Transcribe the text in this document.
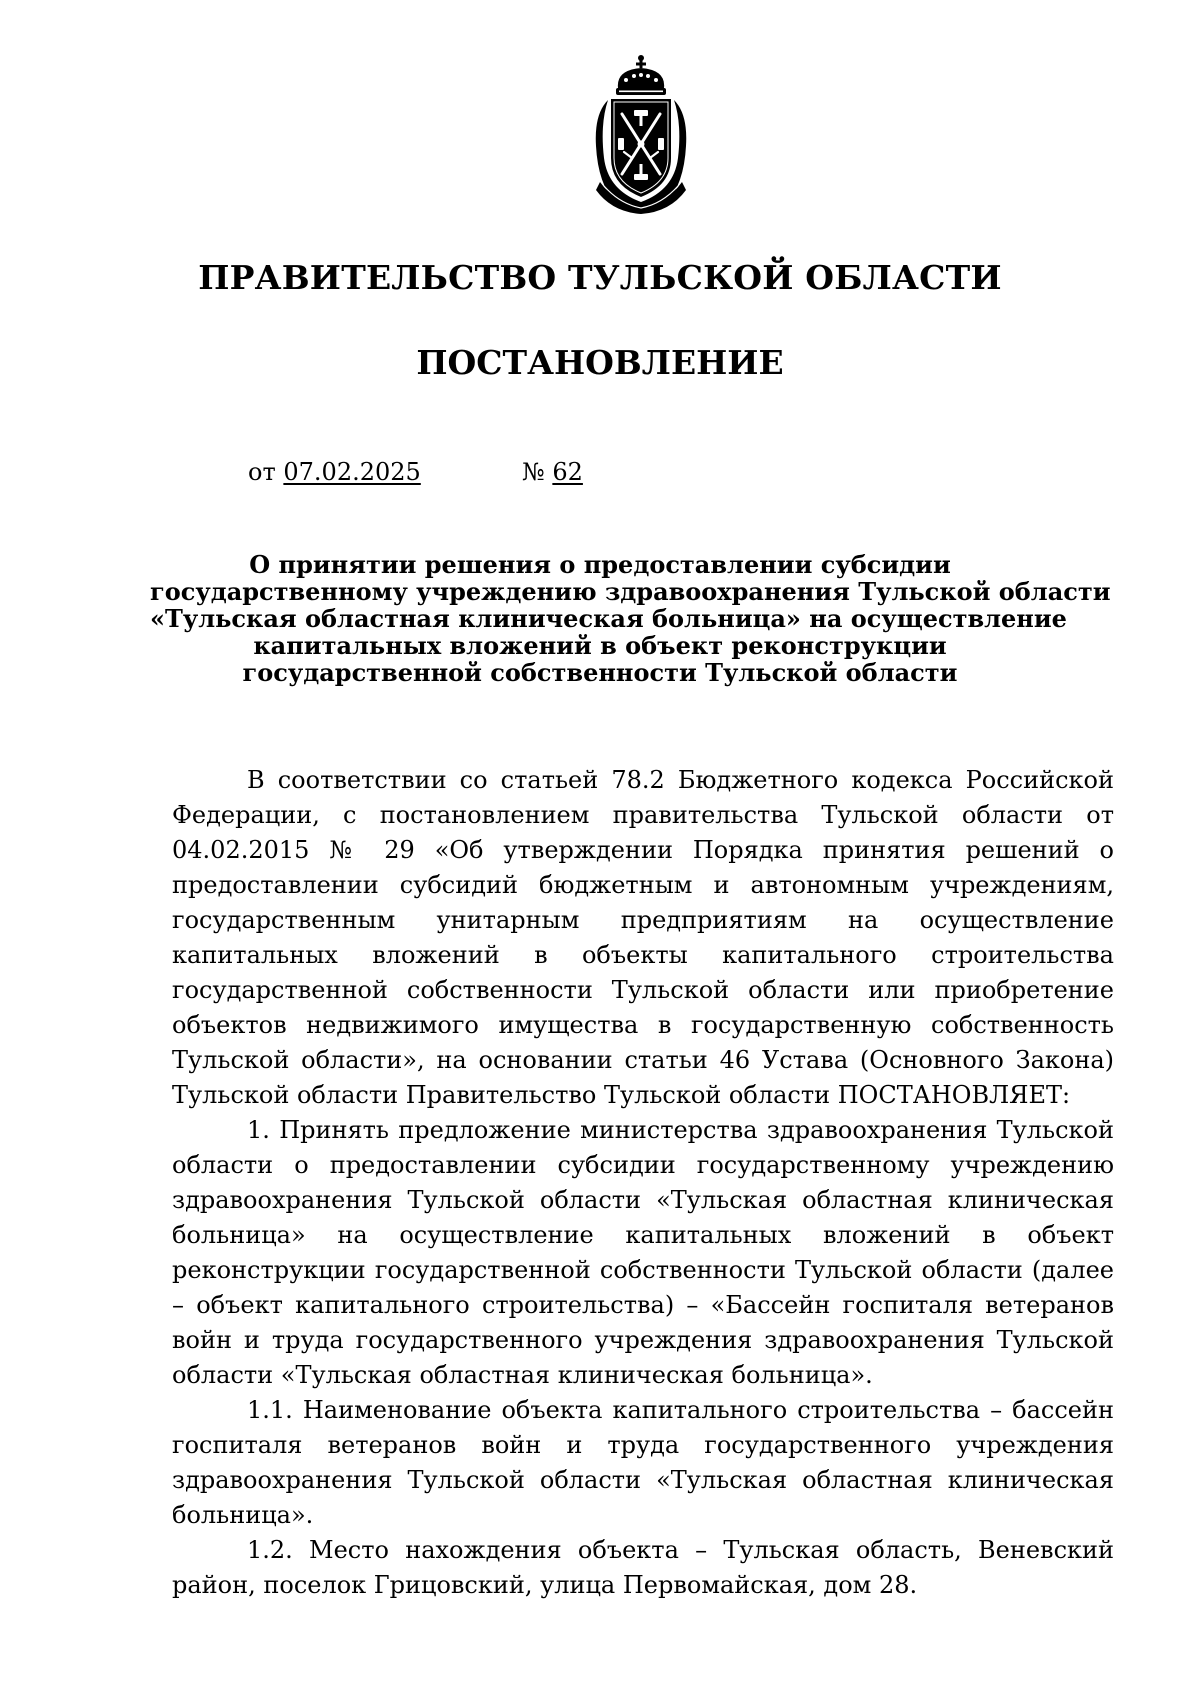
ПРАВИТЕЛЬСТВО ТУЛЬСКОЙ ОБЛАСТИ
ПОСТАНОВЛЕНИЕ
от 07.02.2025	№ 62
О принятии решения о предоставлении субсидии
государственному учреждению здравоохранения Тульской области
«Тульская областная клиническая больница» на осуществление
капитальных вложений в объект реконструкции
государственной собственности Тульской области

В соответствии со статьей 78.2 Бюджетного кодекса Российской Федерации, с постановлением правительства Тульской области от 04.02.2015 № 29 «Об утверждении Порядка принятия решений о предоставлении субсидий бюджетным и автономным учреждениям, государственным унитарным предприятиям на осуществление капитальных вложений в объекты капитального строительства государственной собственности Тульской области или приобретение объектов недвижимого имущества в государственную собственность Тульской области», на основании статьи 46 Устава (Основного Закона) Тульской области Правительство Тульской области ПОСТАНОВЛЯЕТ:

1. Принять предложение министерства здравоохранения Тульской области о предоставлении субсидии государственному учреждению здравоохранения Тульской области «Тульская областная клиническая больница» на осуществление капитальных вложений в объект реконструкции государственной собственности Тульской области (далее – объект капитального строительства) – «Бассейн госпиталя ветеранов войн и труда государственного учреждения здравоохранения Тульской области «Тульская областная клиническая больница».

1.1. Наименование объекта капитального строительства – бассейн госпиталя ветеранов войн и труда государственного учреждения здравоохранения Тульской области «Тульская областная клиническая больница».

1.2. Место нахождения объекта – Тульская область, Веневский район, поселок Грицовский, улица Первомайская, дом 28.
